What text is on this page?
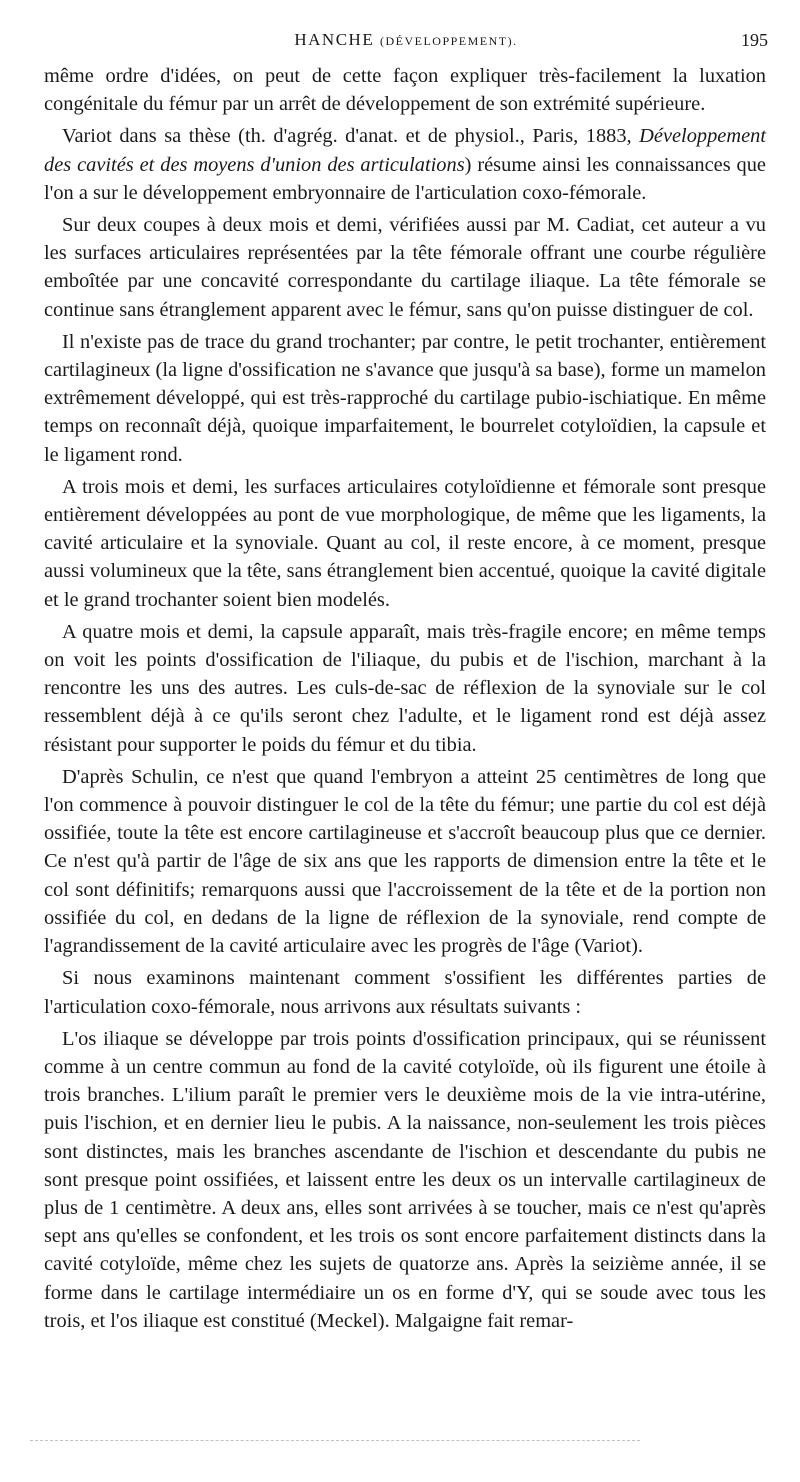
HANCHE (DÉVELOPPEMENT).	195

même ordre d'idées, on peut de cette façon expliquer très-facilement la luxation congénitale du fémur par un arrêt de développement de son extrémité supérieure.

Variot dans sa thèse (th. d'agrég. d'anat. et de physiol., Paris, 1883, Développement des cavités et des moyens d'union des articulations) résume ainsi les connaissances que l'on a sur le développement embryonnaire de l'articulation coxo-fémorale.

Sur deux coupes à deux mois et demi, vérifiées aussi par M. Cadiat, cet auteur a vu les surfaces articulaires représentées par la tête fémorale offrant une courbe régulière emboîtée par une concavité correspondante du cartilage iliaque. La tête fémorale se continue sans étranglement apparent avec le fémur, sans qu'on puisse distinguer de col.

Il n'existe pas de trace du grand trochanter; par contre, le petit trochanter, entièrement cartilagineux (la ligne d'ossification ne s'avance que jusqu'à sa base), forme un mamelon extrêmement développé, qui est très-rapproché du cartilage pubio-ischiatique. En même temps on reconnaît déjà, quoique imparfaitement, le bourrelet cotyloïdien, la capsule et le ligament rond.

A trois mois et demi, les surfaces articulaires cotyloïdienne et fémorale sont presque entièrement développées au pont de vue morphologique, de même que les ligaments, la cavité articulaire et la synoviale. Quant au col, il reste encore, à ce moment, presque aussi volumineux que la tête, sans étranglement bien accentué, quoique la cavité digitale et le grand trochanter soient bien modelés.

A quatre mois et demi, la capsule apparaît, mais très-fragile encore; en même temps on voit les points d'ossification de l'iliaque, du pubis et de l'ischion, marchant à la rencontre les uns des autres. Les culs-de-sac de réflexion de la synoviale sur le col ressemblent déjà à ce qu'ils seront chez l'adulte, et le ligament rond est déjà assez résistant pour supporter le poids du fémur et du tibia.

D'après Schulin, ce n'est que quand l'embryon a atteint 25 centimètres de long que l'on commence à pouvoir distinguer le col de la tête du fémur; une partie du col est déjà ossifiée, toute la tête est encore cartilagineuse et s'accroît beaucoup plus que ce dernier. Ce n'est qu'à partir de l'âge de six ans que les rapports de dimension entre la tête et le col sont définitifs; remarquons aussi que l'accroissement de la tête et de la portion non ossifiée du col, en dedans de la ligne de réflexion de la synoviale, rend compte de l'agrandissement de la cavité articulaire avec les progrès de l'âge (Variot).

Si nous examinons maintenant comment s'ossifient les différentes parties de l'articulation coxo-fémorale, nous arrivons aux résultats suivants :

L'os iliaque se développe par trois points d'ossification principaux, qui se réunissent comme à un centre commun au fond de la cavité cotyloïde, où ils figurent une étoile à trois branches. L'ilium paraît le premier vers le deuxième mois de la vie intra-utérine, puis l'ischion, et en dernier lieu le pubis. A la naissance, non-seulement les trois pièces sont distinctes, mais les branches ascendante de l'ischion et descendante du pubis ne sont presque point ossifiées, et laissent entre les deux os un intervalle cartilagineux de plus de 1 centimètre. A deux ans, elles sont arrivées à se toucher, mais ce n'est qu'après sept ans qu'elles se confondent, et les trois os sont encore parfaitement distincts dans la cavité cotyloïde, même chez les sujets de quatorze ans. Après la seizième année, il se forme dans le cartilage intermédiaire un os en forme d'Y, qui se soude avec tous les trois, et l'os iliaque est constitué (Meckel). Malgaigne fait remar-
